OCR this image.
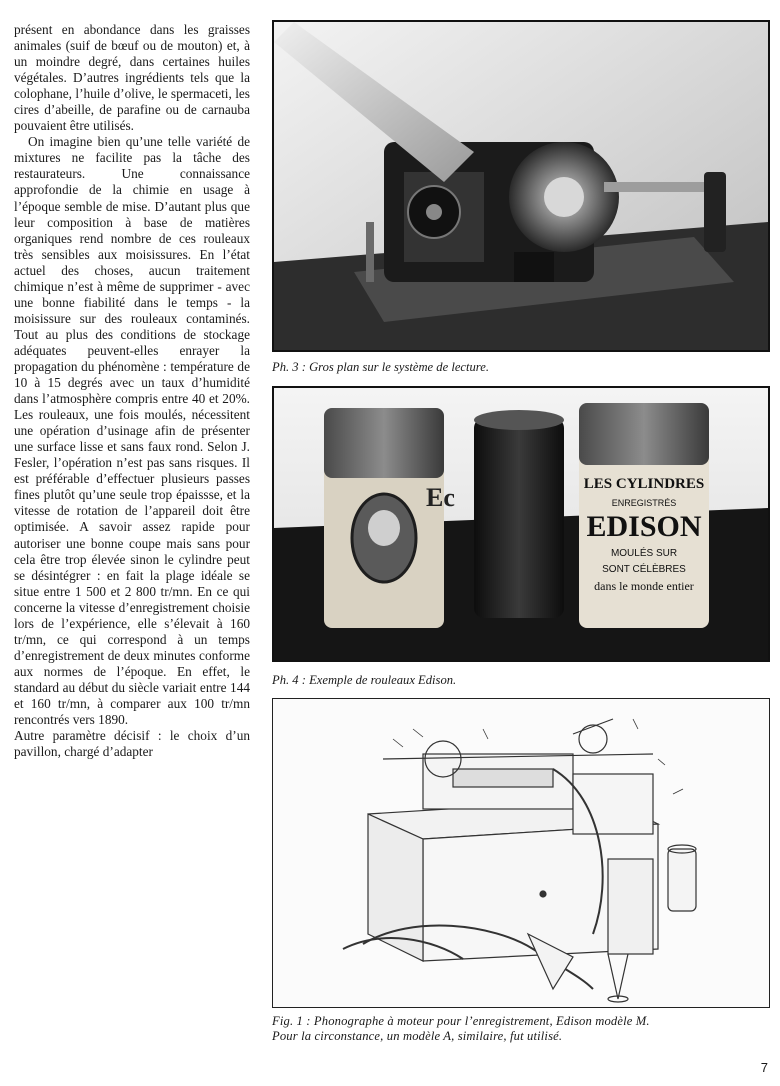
présent en abondance dans les graisses animales (suif de bœuf ou de mouton) et, à un moindre degré, dans certaines huiles végétales. D’autres ingrédients tels que la colophane, l’huile d’olive, le spermaceti, les cires d’abeille, de parafine ou de carnauba pouvaient être utilisés.

On imagine bien qu’une telle variété de mixtures ne facilite pas la tâche des restaurateurs. Une connaissance approfondie de la chimie en usage à l’époque semble de mise. D’autant plus que leur composition à base de matières organiques rend nombre de ces rouleaux très sensibles aux moisissures. En l’état actuel des choses, aucun traitement chimique n’est à même de supprimer - avec une bonne fiabilité dans le temps - la moisissure sur des rouleaux contaminés. Tout au plus des conditions de stockage adéquates peuvent-elles enrayer la propagation du phénomène : température de 10 à 15 degrés avec un taux d’humidité dans l’atmosphère compris entre 40 et 20%. Les rouleaux, une fois moulés, nécessitent une opération d’usinage afin de présenter une surface lisse et sans faux rond. Selon J. Fesler, l’opération n’est pas sans risques. Il est préférable d’effectuer plusieurs passes fines plutôt qu’une seule trop épaissse, et la vitesse de rotation de l’appareil doit être optimisée. A savoir assez rapide pour autoriser une bonne coupe mais sans pour cela être trop élevée sinon le cylindre peut se désintégrer : en fait la plage idéale se situe entre 1 500 et 2 800 tr/mn. En ce qui concerne la vitesse d’enregistrement choisie lors de l’expérience, elle s’élevait à 160 tr/mn, ce qui correspond à un temps d’enregistrement de deux minutes conforme aux normes de l’époque. En effet, le standard au début du siècle variait entre 144 et 160 tr/mn, à comparer aux 100 tr/mn rencontrés vers 1890.

Autre paramètre décisif : le choix d’un pavillon, chargé d’adapter

Ph. 3 : Gros plan sur le système de lecture.
Ec	LES CYLINDRES
ENREGISTRÉS
EDISON
MOULÉS SUR
SONT CÉLÈBRES
dans le monde entier
Ph. 4 : Exemple de rouleaux Edison.
Fig. 1 : Phonographe à moteur pour l’enregistrement, Edison modèle M.
Pour la circonstance, un modèle A, similaire, fut utilisé.
7
